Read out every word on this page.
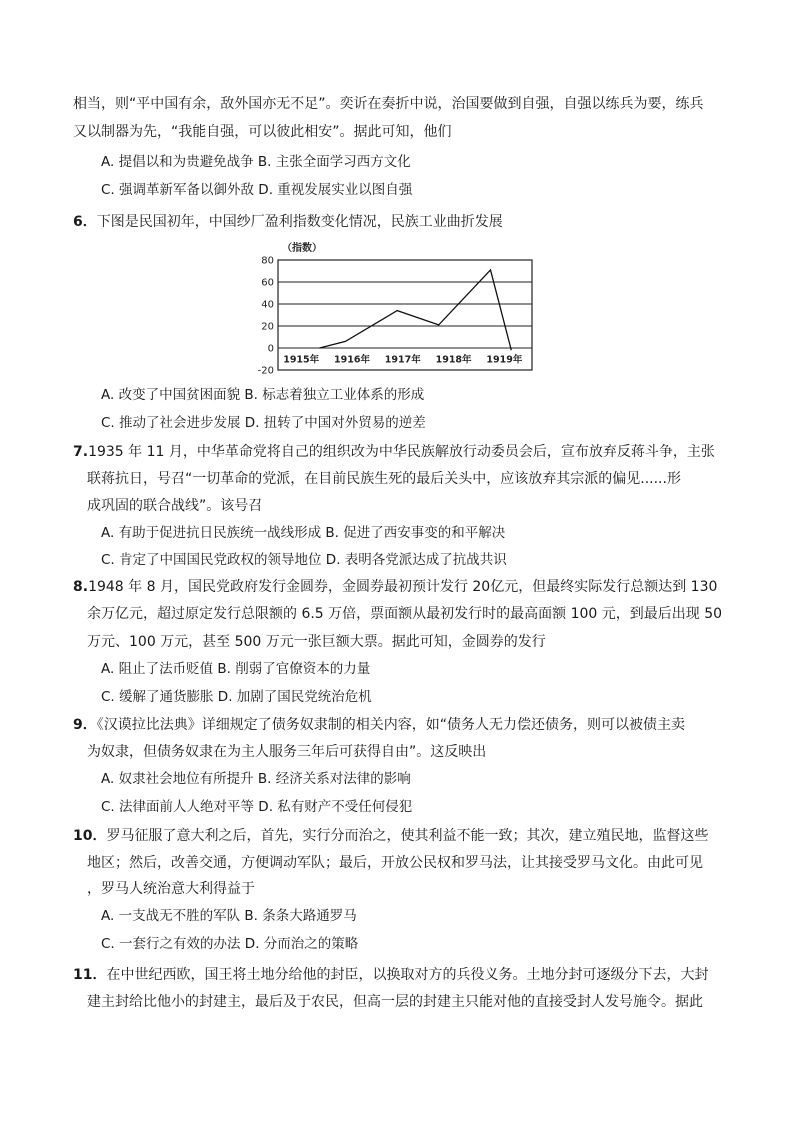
相当，则“平中国有余，敌外国亦无不足”。奕䜣在奏折中说，治国要做到自强，自强以练兵为要，练兵
又以制器为先，“我能自强，可以彼此相安”。据此可知，他们
A. 提倡以和为贵避免战争 B. 主张全面学习西方文化
C. 强调革新军备以御外敌 D. 重视发展实业以图自强
6．下图是民国初年，中国纱厂盈利指数变化情况，民族工业曲折发展
80
60
40
20
0
-20
1915年 1916年 1917年 1918年 1919年
（指数）
A. 改变了中国贫困面貌 B. 标志着独立工业体系的形成
C. 推动了社会进步发展 D. 扭转了中国对外贸易的逆差
7.1935 年 11 月，中华革命党将自己的组织改为中华民族解放行动委员会后，宣布放弃反蒋斗争，主张
联蒋抗日，号召“一切革命的党派，在目前民族生死的最后关头中，应该放弃其宗派的偏见......形
成巩固的联合战线”。该号召
A. 有助于促进抗日民族统一战线形成 B. 促进了西安事变的和平解决
C. 肯定了中国国民党政权的领导地位 D. 表明各党派达成了抗战共识
8.1948 年 8 月，国民党政府发行金圆券，金圆券最初预计发行 20亿元，但最终实际发行总额达到 130
余万亿元，超过原定发行总限额的 6.5 万倍，票面额从最初发行时的最高面额 100 元，到最后出现 50
万元、100 万元，甚至 500 万元一张巨额大票。据此可知，金圆券的发行
A. 阻止了法币贬值 B. 削弱了官僚资本的力量
C. 缓解了通货膨胀 D. 加剧了国民党统治危机
9．《汉谟拉比法典》详细规定了债务奴隶制的相关内容，如“债务人无力偿还债务，则可以被债主卖
为奴隶，但债务奴隶在为主人服务三年后可获得自由”。这反映出
A. 奴隶社会地位有所提升 B. 经济关系对法律的影响
C. 法律面前人人绝对平等 D. 私有财产不受任何侵犯
10．罗马征服了意大利之后，首先，实行分而治之，使其利益不能一致；其次，建立殖民地，监督这些
地区；然后，改善交通，方便调动军队；最后，开放公民权和罗马法，让其接受罗马文化。由此可见
，罗马人统治意大利得益于
A. 一支战无不胜的军队 B. 条条大路通罗马
C. 一套行之有效的办法 D. 分而治之的策略
11．在中世纪西欧，国王将土地分给他的封臣，以换取对方的兵役义务。土地分封可逐级分下去，大封
建主封给比他小的封建主，最后及于农民，但高一层的封建主只能对他的直接受封人发号施令。据此
